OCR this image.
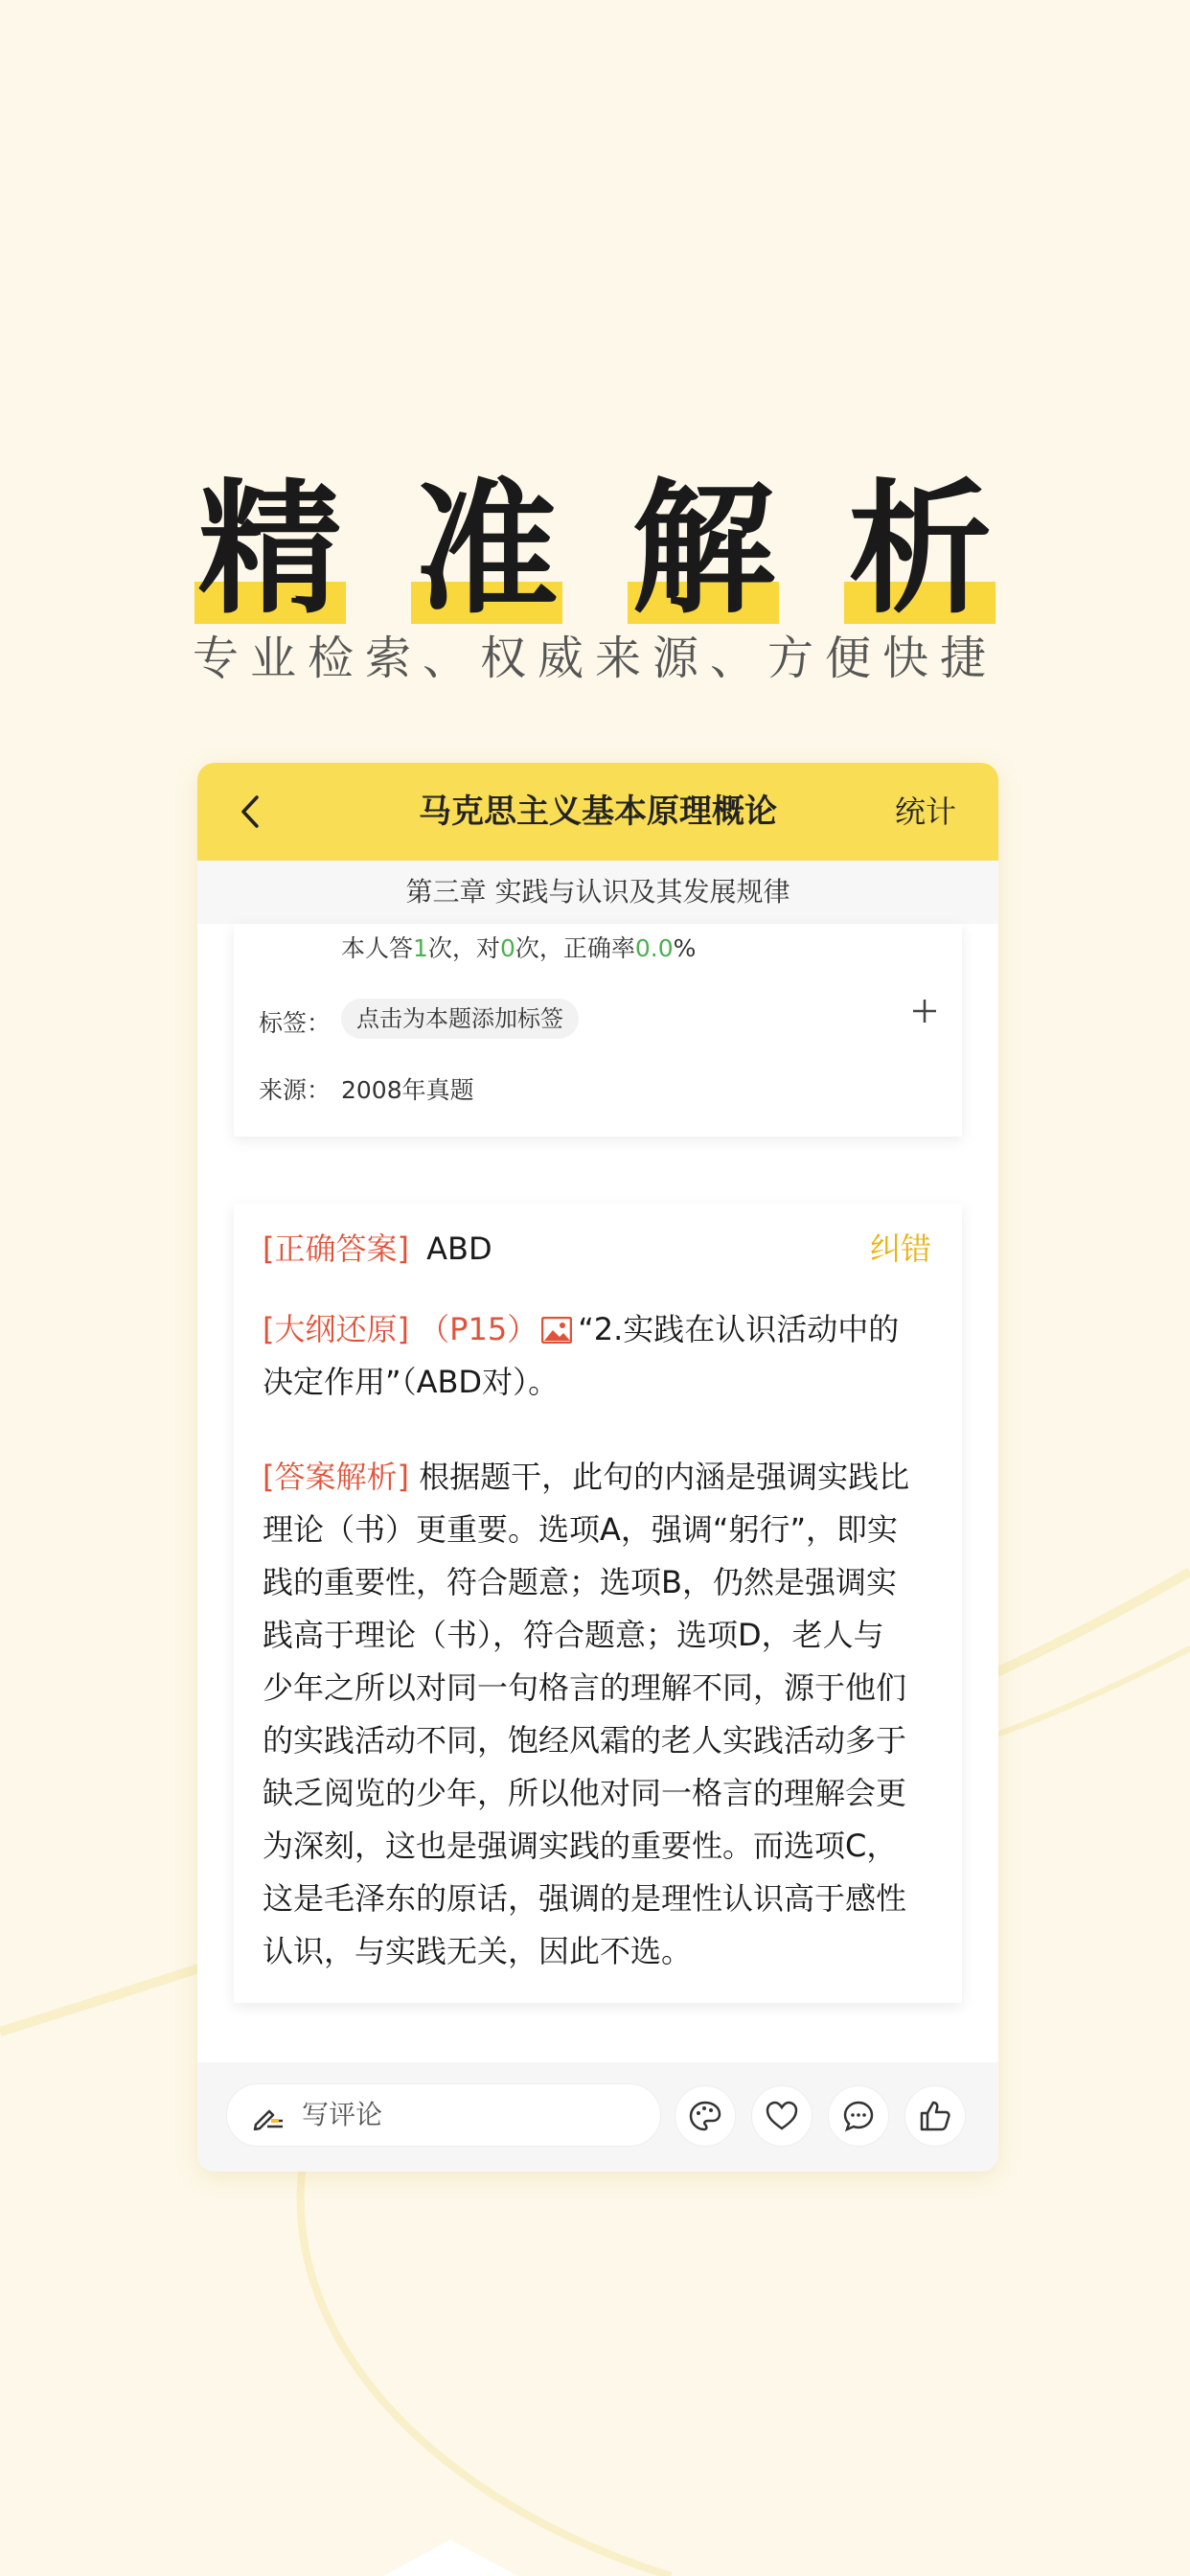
精 准 解 析
专业检索、权威来源、方便快捷
马克思主义基本原理概论	统计
第三章 实践与认识及其发展规律
本人答1次，对0次，正确率0.0%
标签：	点击为本题添加标签
来源： 2008年真题
[正确答案] ABD	纠错
[大纲还原] （P15） “2.实践在认识活动中的决定作用”（ABD对）。
[答案解析] 根据题干，此句的内涵是强调实践比理论（书）更重要。选项A，强调“躬行”，即实践的重要性，符合题意；选项B，仍然是强调实践高于理论（书），符合题意；选项D，老人与少年之所以对同一句格言的理解不同，源于他们的实践活动不同，饱经风霜的老人实践活动多于缺乏阅览的少年，所以他对同一格言的理解会更为深刻，这也是强调实践的重要性。而选项C，这是毛泽东的原话，强调的是理性认识高于感性认识，与实践无关，因此不选。
写评论
